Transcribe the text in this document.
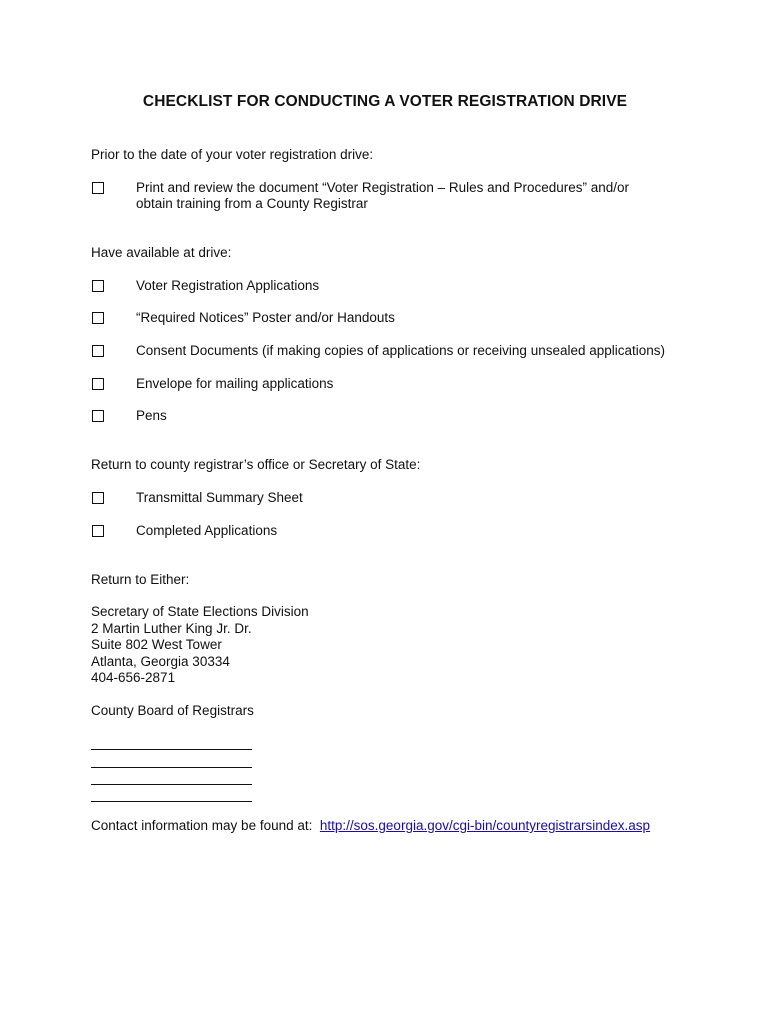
CHECKLIST FOR CONDUCTING A VOTER REGISTRATION DRIVE
Prior to the date of your voter registration drive:
Print and review the document “Voter Registration – Rules and Procedures” and/or
obtain training from a County Registrar
Have available at drive:
Voter Registration Applications
“Required Notices” Poster and/or Handouts
Consent Documents (if making copies of applications or receiving unsealed applications)
Envelope for mailing applications
Pens
Return to county registrar’s office or Secretary of State:
Transmittal Summary Sheet
Completed Applications
Return to Either:
Secretary of State Elections Division
2 Martin Luther King Jr. Dr.
Suite 802 West Tower
Atlanta, Georgia 30334
404-656-2871
County Board of Registrars
Contact information may be found at: http://sos.georgia.gov/cgi-bin/countyregistrarsindex.asp
